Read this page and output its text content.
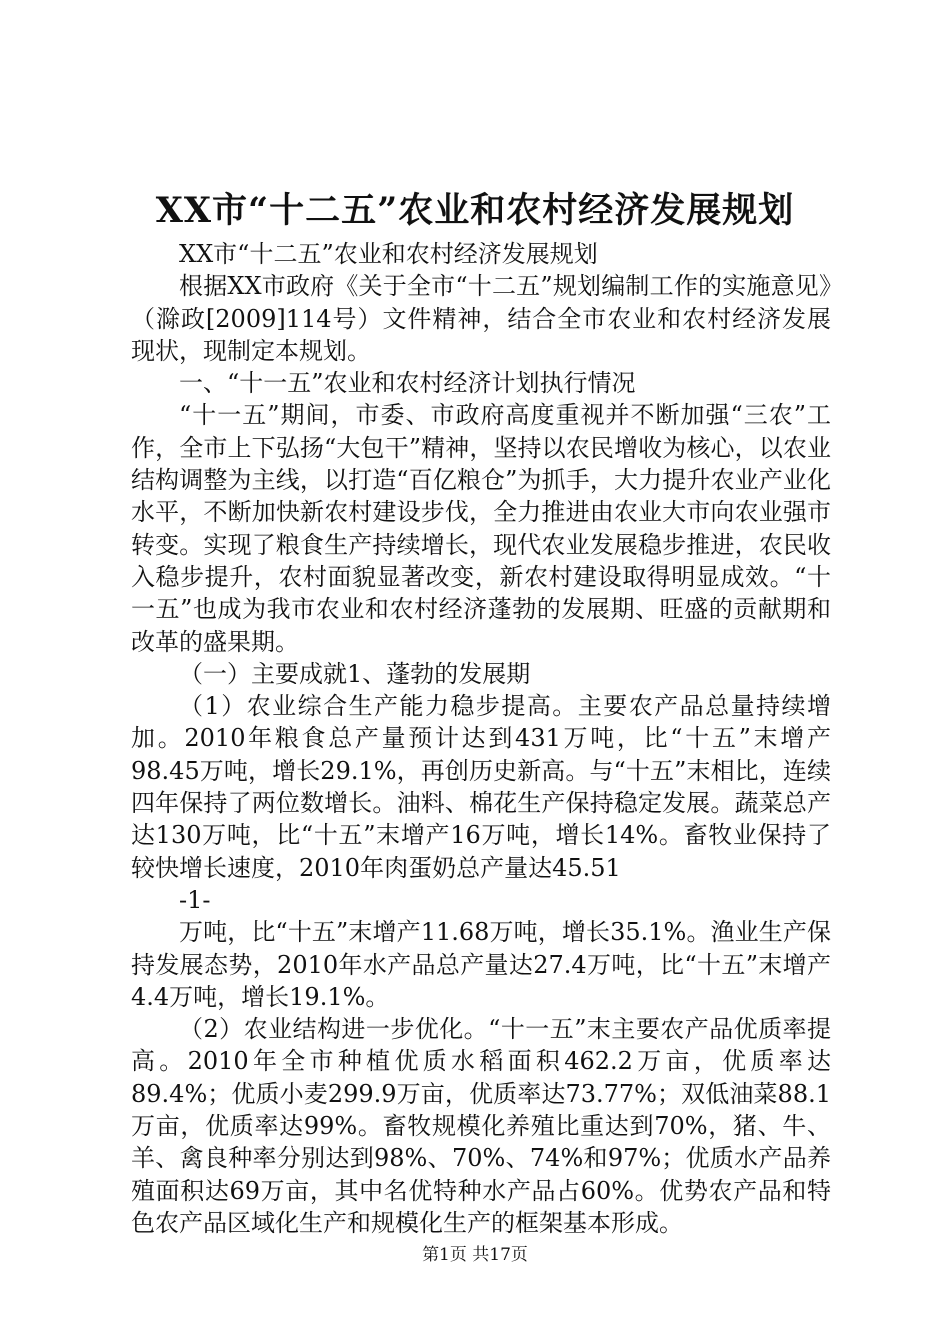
XX市“十二五”农业和农村经济发展规划

XX市“十二五”农业和农村经济发展规划

根据XX市政府《关于全市“十二五”规划编制工作的实施意见》（滁政[2009]114号）文件精神，结合全市农业和农村经济发展现状，现制定本规划。

一、“十一五”农业和农村经济计划执行情况

“十一五”期间，市委、市政府高度重视并不断加强“三农”工作，全市上下弘扬“大包干”精神，坚持以农民增收为核心，以农业结构调整为主线，以打造“百亿粮仓”为抓手，大力提升农业产业化水平，不断加快新农村建设步伐，全力推进由农业大市向农业强市转变。实现了粮食生产持续增长，现代农业发展稳步推进，农民收入稳步提升，农村面貌显著改变，新农村建设取得明显成效。“十一五”也成为我市农业和农村经济蓬勃的发展期、旺盛的贡献期和改革的盛果期。

（一）主要成就1、蓬勃的发展期

（1）农业综合生产能力稳步提高。主要农产品总量持续增加。2010年粮食总产量预计达到431万吨，比“十五”末增产98.45万吨，增长29.1%，再创历史新高。与“十五”末相比，连续四年保持了两位数增长。油料、棉花生产保持稳定发展。蔬菜总产达130万吨，比“十五”末增产16万吨，增长14%。畜牧业保持了较快增长速度，2010年肉蛋奶总产量达45.51

-1-

万吨，比“十五”末增产11.68万吨，增长35.1%。渔业生产保持发展态势，2010年水产品总产量达27.4万吨，比“十五”末增产4.4万吨，增长19.1%。

（2）农业结构进一步优化。“十一五”末主要农产品优质率提高。2010年全市种植优质水稻面积462.2万亩，优质率达89.4%；优质小麦299.9万亩，优质率达73.77%；双低油菜88.1万亩，优质率达99%。畜牧规模化养殖比重达到70%，猪、牛、羊、禽良种率分别达到98%、70%、74%和97%；优质水产品养殖面积达69万亩，其中名优特种水产品占60%。优势农产品和特色农产品区域化生产和规模化生产的框架基本形成。

第1页 共17页
